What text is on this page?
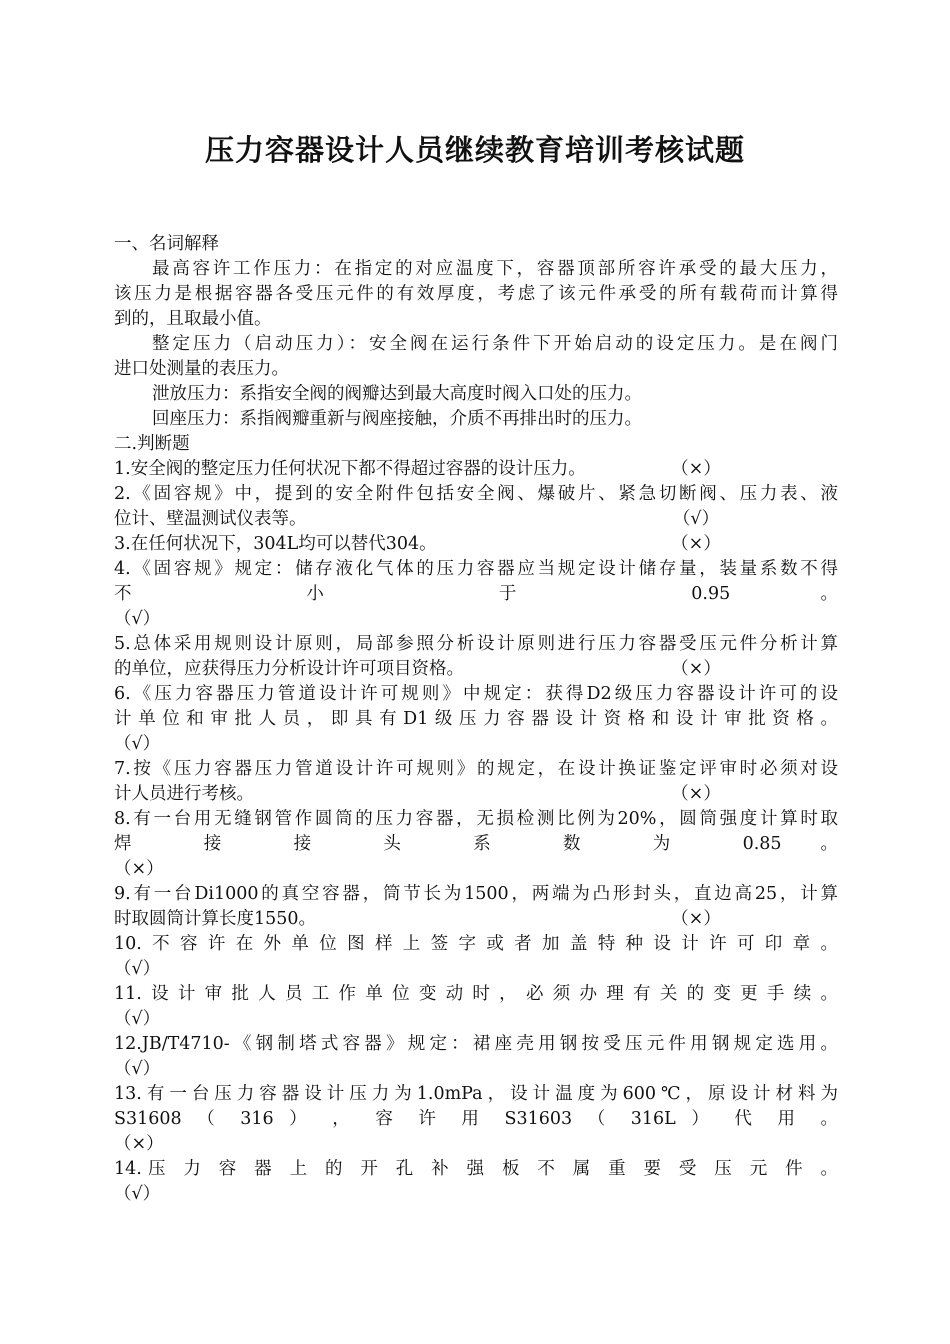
压力容器设计人员继续教育培训考核试题
一、名词解释
最高容许工作压力：在指定的对应温度下，容器顶部所容许承受的最大压力，
该压力是根据容器各受压元件的有效厚度，考虑了该元件承受的所有载荷而计算得
到的，且取最小值。
整定压力（启动压力）：安全阀在运行条件下开始启动的设定压力。是在阀门
进口处测量的表压力。
泄放压力：系指安全阀的阀瓣达到最大高度时阀入口处的压力。
回座压力：系指阀瓣重新与阀座接触，介质不再排出时的压力。
二.判断题
1.安全阀的整定压力任何状况下都不得超过容器的设计压力。	（×）
2.《固容规》中，提到的安全附件包括安全阀、爆破片、紧急切断阀、压力表、液
位计、壁温测试仪表等。	（√）
3.在任何状况下，304L均可以替代304。	（×）
4.《固容规》规定：储存液化气体的压力容器应当规定设计储存量，装量系数不得
不 小 于 0.95 。
（√）
5.总体采用规则设计原则，局部参照分析设计原则进行压力容器受压元件分析计算
的单位，应获得压力分析设计许可项目资格。	（×）
6.《压力容器压力管道设计许可规则》中规定：获得D2级压力容器设计许可的设
计单位和审批人员，即具有D1级压力容器设计资格和设计审批资格。
（√）
7.按《压力容器压力管道设计许可规则》的规定，在设计换证鉴定评审时必须对设
计人员进行考核。	（×）
8.有一台用无缝钢管作圆筒的压力容器，无损检测比例为20%，圆筒强度计算时取
焊 接 接 头 系 数 为 0.85 。
（×）
9.有一台Di1000的真空容器，筒节长为1500，两端为凸形封头，直边高25，计算
时取圆筒计算长度1550。	（×）
10.不容许在外单位图样上签字或者加盖特种设计许可印章。
（√）
11.设计审批人员工作单位变动时，必须办理有关的变更手续。
（√）
12.JB/T4710-《钢制塔式容器》规定：裙座壳用钢按受压元件用钢规定选用。
（√）
13.有一台压力容器设计压力为1.0mPa，设计温度为600℃，原设计材料为
S31608 （ 316 ） ， 容 许 用 S31603 （ 316L ） 代 用 。
（×）
14.压 力 容 器 上 的 开 孔 补 强 板 不 属 重 要 受 压 元 件 。
（√）
